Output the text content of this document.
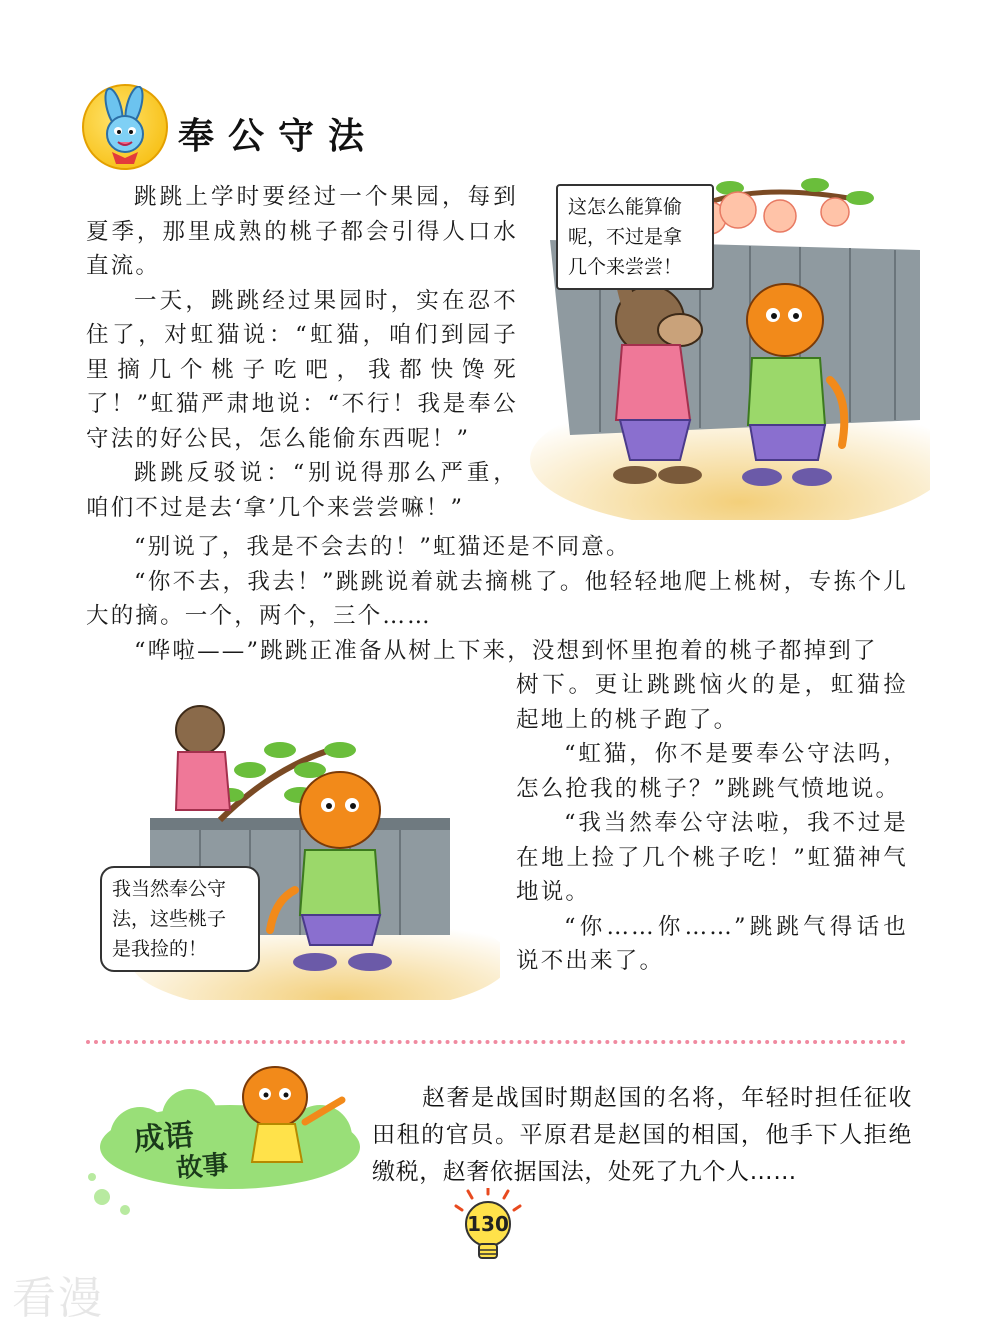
奉公守法

跳跳上学时要经过一个果园，每到夏季，那里成熟的桃子都会引得人口水直流。

一天，跳跳经过果园时，实在忍不住了，对虹猫说：“虹猫，咱们到园子里摘几个桃子吃吧，我都快馋死了！”虹猫严肃地说：“不行！我是奉公守法的好公民，怎么能偷东西呢！”

跳跳反驳说：“别说得那么严重，咱们不过是去‘拿’几个来尝尝嘛！”

这怎么能算偷
呢，不过是拿
几个来尝尝！

“别说了，我是不会去的！”虹猫还是不同意。

“你不去，我去！”跳跳说着就去摘桃了。他轻轻地爬上桃树，专拣个儿大的摘。一个，两个，三个……

“哗啦——”跳跳正准备从树上下来，没想到怀里抱着的桃子都掉到了

树下。更让跳跳恼火的是，虹猫捡起地上的桃子跑了。

“虹猫，你不是要奉公守法吗，怎么抢我的桃子？”跳跳气愤地说。

“我当然奉公守法啦，我不过是在地上捡了几个桃子吃！”虹猫神气地说。

“你……你……”跳跳气得话也说不出来了。

我当然奉公守
法，这些桃子
是我捡的！
成语
故事
赵奢是战国时期赵国的名将，年轻时担任征收田租的官员。平原君是赵国的相国，他手下人拒绝缴税，赵奢依据国法，处死了九个人……
130
看漫
